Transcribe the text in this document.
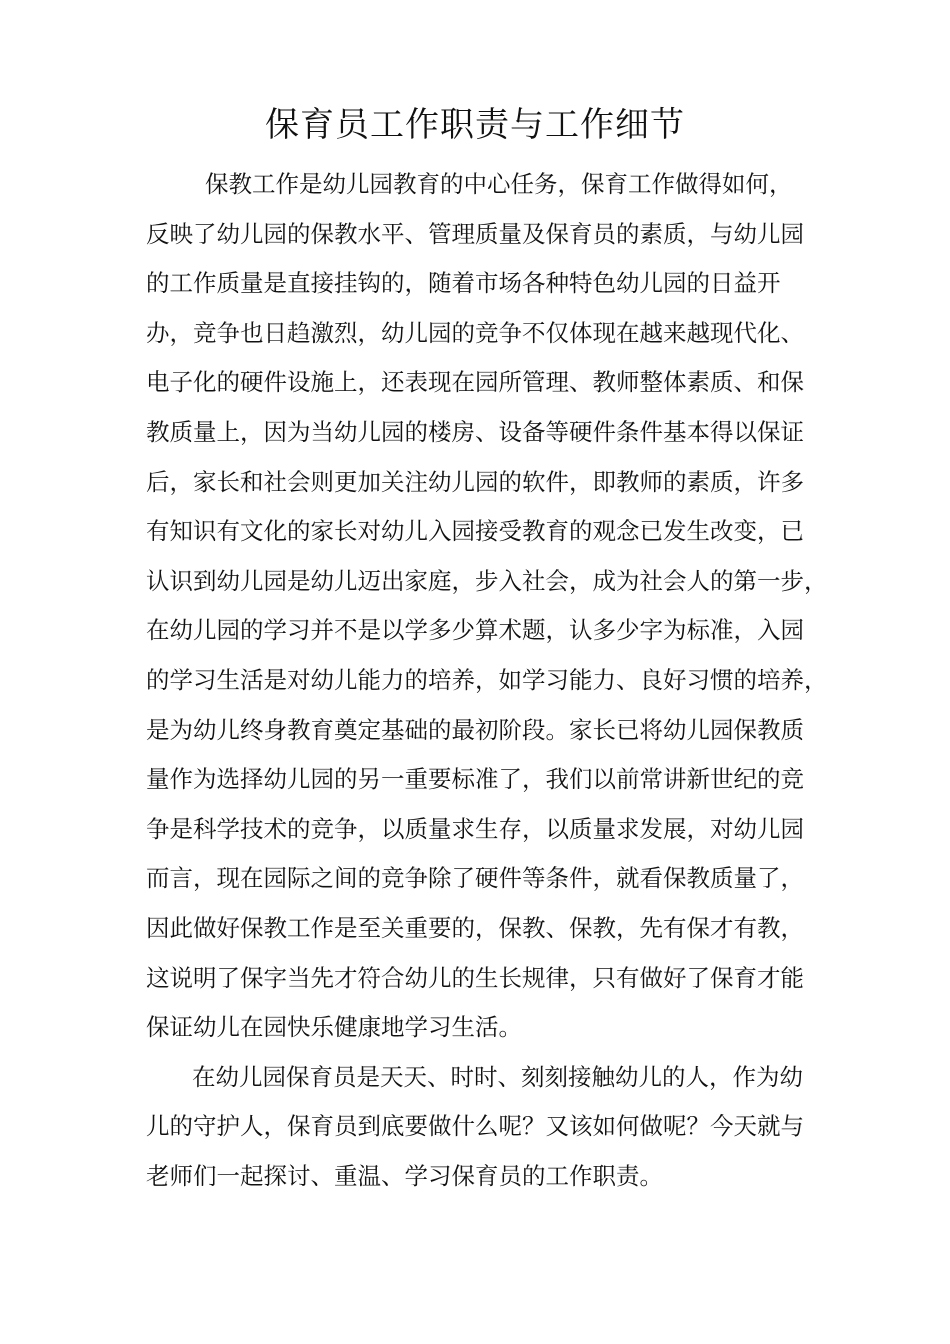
保育员工作职责与工作细节
保教工作是幼儿园教育的中心任务，保育工作做得如何，
反映了幼儿园的保教水平、管理质量及保育员的素质，与幼儿园
的工作质量是直接挂钩的，随着市场各种特色幼儿园的日益开
办，竞争也日趋激烈，幼儿园的竞争不仅体现在越来越现代化、
电子化的硬件设施上，还表现在园所管理、教师整体素质、和保
教质量上，因为当幼儿园的楼房、设备等硬件条件基本得以保证
后，家长和社会则更加关注幼儿园的软件，即教师的素质，许多
有知识有文化的家长对幼儿入园接受教育的观念已发生改变，已
认识到幼儿园是幼儿迈出家庭，步入社会，成为社会人的第一步，
在幼儿园的学习并不是以学多少算术题，认多少字为标准，入园
的学习生活是对幼儿能力的培养，如学习能力、良好习惯的培养，
是为幼儿终身教育奠定基础的最初阶段。家长已将幼儿园保教质
量作为选择幼儿园的另一重要标准了，我们以前常讲新世纪的竞
争是科学技术的竞争，以质量求生存，以质量求发展，对幼儿园
而言，现在园际之间的竞争除了硬件等条件，就看保教质量了，
因此做好保教工作是至关重要的，保教、保教，先有保才有教，
这说明了保字当先才符合幼儿的生长规律，只有做好了保育才能
保证幼儿在园快乐健康地学习生活。
在幼儿园保育员是天天、时时、刻刻接触幼儿的人，作为幼
儿的守护人，保育员到底要做什么呢？又该如何做呢？今天就与
老师们一起探讨、重温、学习保育员的工作职责。
